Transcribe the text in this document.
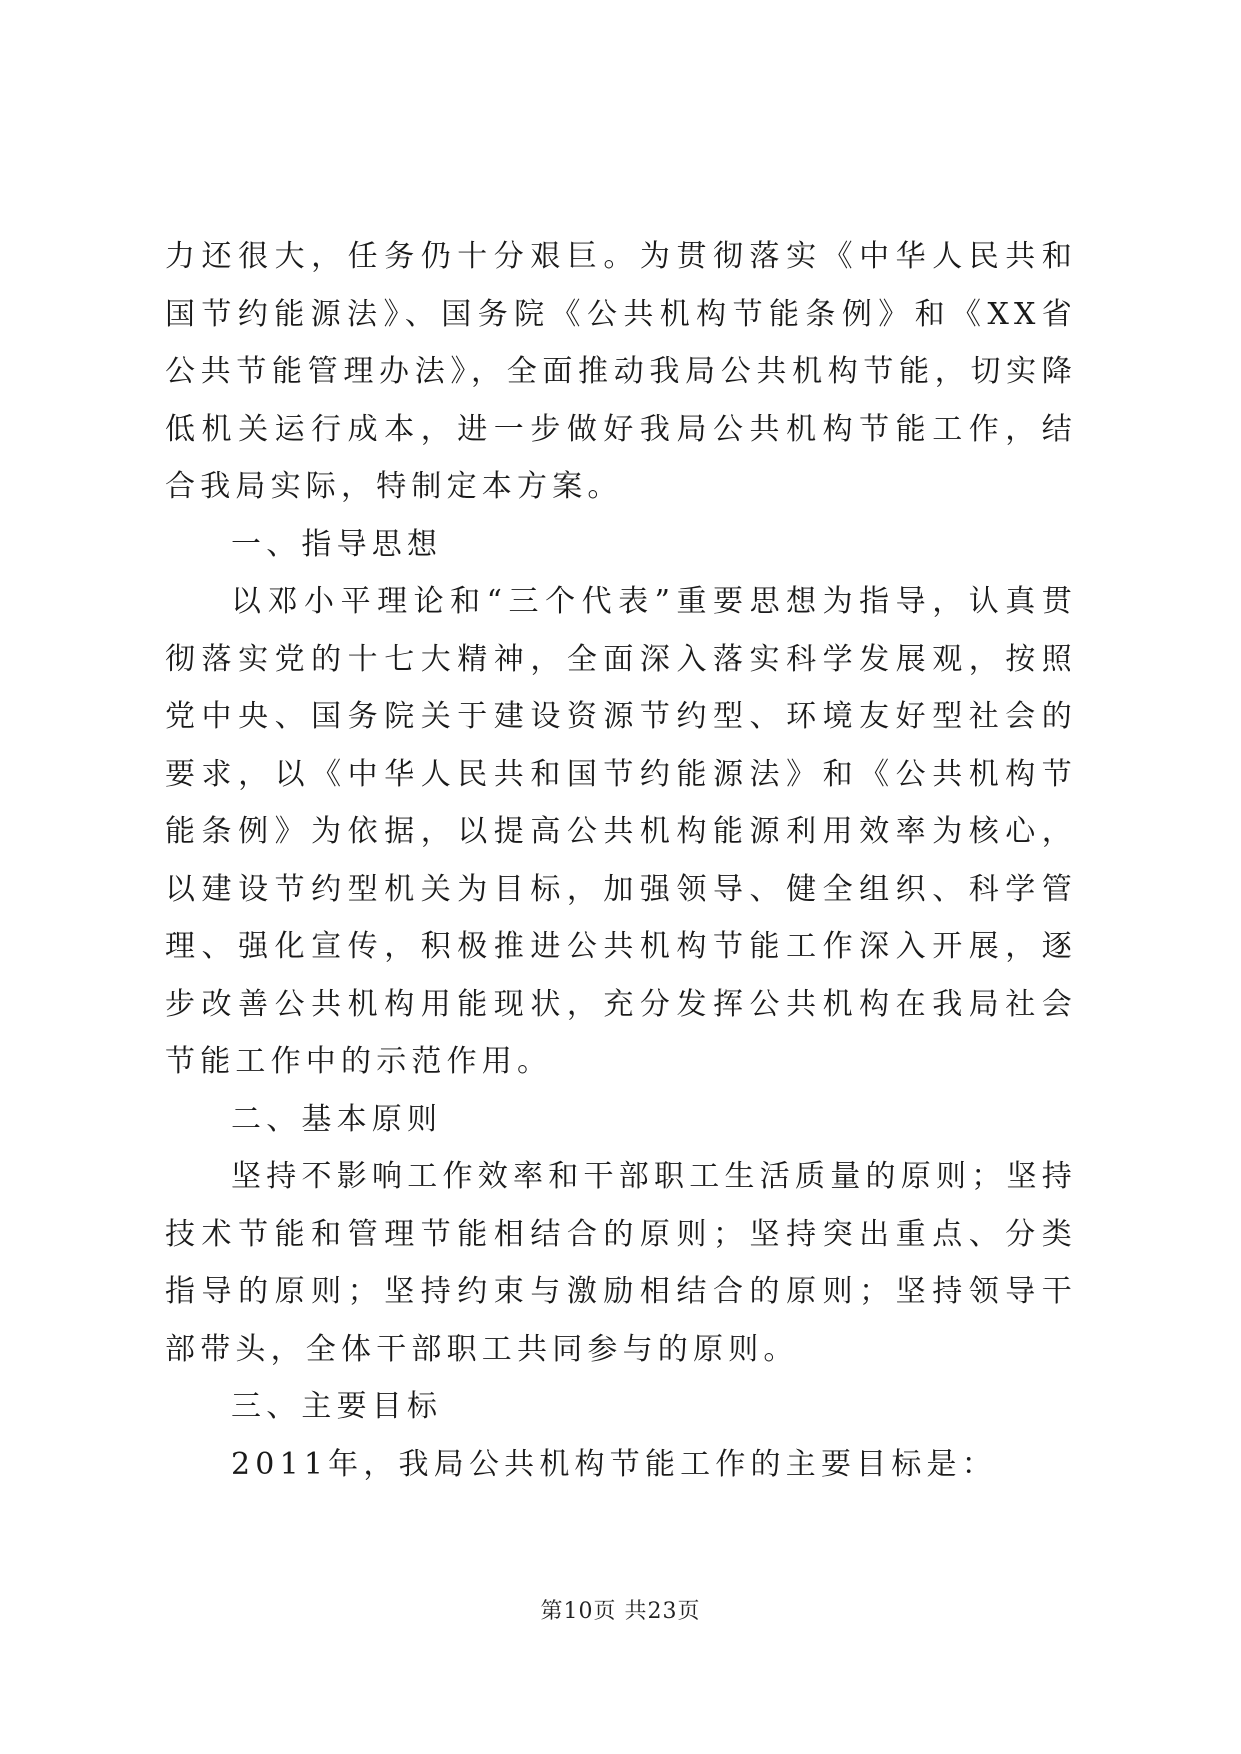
力还很大，任务仍十分艰巨。为贯彻落实《中华人民共和国节约能源法》、国务院《公共机构节能条例》和《XX省公共节能管理办法》，全面推动我局公共机构节能，切实降低机关运行成本，进一步做好我局公共机构节能工作，结合我局实际，特制定本方案。

一、指导思想

以邓小平理论和“三个代表”重要思想为指导，认真贯彻落实党的十七大精神，全面深入落实科学发展观，按照党中央、国务院关于建设资源节约型、环境友好型社会的要求，以《中华人民共和国节约能源法》和《公共机构节能条例》为依据，以提高公共机构能源利用效率为核心，以建设节约型机关为目标，加强领导、健全组织、科学管理、强化宣传，积极推进公共机构节能工作深入开展，逐步改善公共机构用能现状，充分发挥公共机构在我局社会节能工作中的示范作用。

二、基本原则

坚持不影响工作效率和干部职工生活质量的原则；坚持技术节能和管理节能相结合的原则；坚持突出重点、分类指导的原则；坚持约束与激励相结合的原则；坚持领导干部带头，全体干部职工共同参与的原则。

三、主要目标

2011年，我局公共机构节能工作的主要目标是：

第10页 共23页
